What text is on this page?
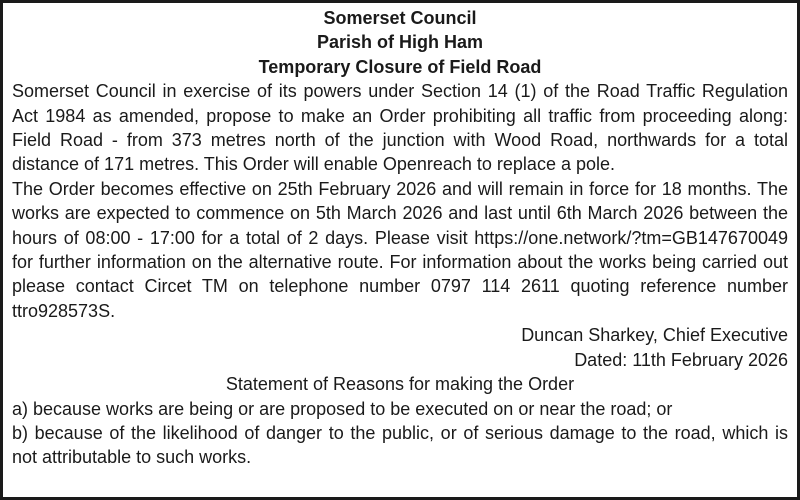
Somerset Council

Parish of High Ham

Temporary Closure of Field Road

Somerset Council in exercise of its powers under Section 14 (1) of the Road Traffic Regulation Act 1984 as amended, propose to make an Order prohibiting all traffic from proceeding along: Field Road - from 373 metres north of the junction with Wood Road, northwards for a total distance of 171 metres. This Order will enable Openreach to replace a pole.

The Order becomes effective on 25th February 2026 and will remain in force for 18 months. The works are expected to commence on 5th March 2026 and last until 6th March 2026 between the hours of 08:00 - 17:00 for a total of 2 days. Please visit https://one.network/?tm=GB147670049 for further information on the alternative route. For information about the works being carried out please contact Circet TM on telephone number 0797 114 2611 quoting reference number ttro928573S.

Duncan Sharkey, Chief Executive

Dated: 11th February 2026

Statement of Reasons for making the Order

a) because works are being or are proposed to be executed on or near the road; or

b) because of the likelihood of danger to the public, or of serious damage to the road, which is not attributable to such works.
